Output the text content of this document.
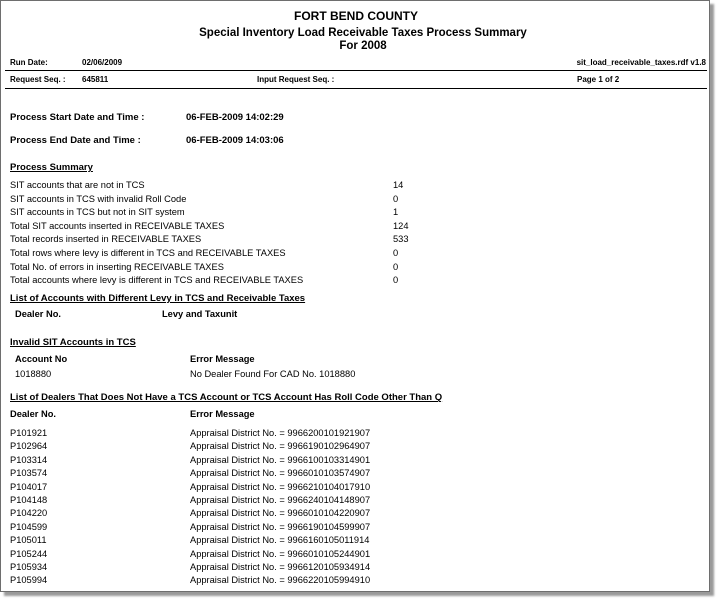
FORT BEND COUNTY
Special Inventory Load Receivable Taxes Process Summary
For 2008
Run Date:	02/06/2009	sit_load_receivable_taxes.rdf v1.8
Request Seq. : 645811	Input Request Seq. :	Page 1 of 2
Process Start Date and Time :	06-FEB-2009 14:02:29
Process End Date and Time :	06-FEB-2009 14:03:06
Process Summary
SIT accounts that are not in TCS	14
SIT accounts in TCS with invalid Roll Code	0
SIT accounts in TCS but not in SIT system	1
Total SIT accounts inserted in RECEIVABLE TAXES	124
Total records inserted in RECEIVABLE TAXES	533
Total rows where levy is different in TCS and RECEIVABLE TAXES	0
Total No. of errors in inserting RECEIVABLE TAXES	0
Total accounts where levy is different in TCS and RECEIVABLE TAXES	0
List of Accounts with Different Levy in TCS and Receivable Taxes
Dealer No.	Levy and Taxunit
Invalid SIT Accounts in TCS
Account No	Error Message
1018880	No Dealer Found For CAD No. 1018880
List of Dealers That Does Not Have a TCS Account or TCS Account Has Roll Code Other Than Q
Dealer No.	Error Message
P101921	Appraisal District No. = 9966200101921907
P102964	Appraisal District No. = 9966190102964907
P103314	Appraisal District No. = 9966100103314901
P103574	Appraisal District No. = 9966010103574907
P104017	Appraisal District No. = 9966210104017910
P104148	Appraisal District No. = 9966240104148907
P104220	Appraisal District No. = 9966010104220907
P104599	Appraisal District No. = 9966190104599907
P105011	Appraisal District No. = 9966160105011914
P105244	Appraisal District No. = 9966010105244901
P105934	Appraisal District No. = 9966120105934914
P105994	Appraisal District No. = 9966220105994910
